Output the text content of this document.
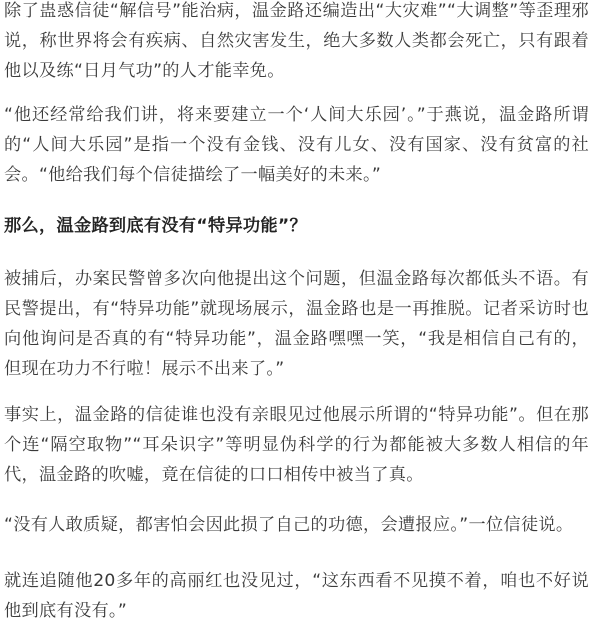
除了蛊惑信徒“解信号”能治病，温金路还编造出“大灾难”“大调整”等歪理邪说，称世界将会有疾病、自然灾害发生，绝大多数人类都会死亡，只有跟着他以及练“日月气功”的人才能幸免。

“他还经常给我们讲，将来要建立一个‘人间大乐园’。”于燕说，温金路所谓的“人间大乐园”是指一个没有金钱、没有儿女、没有国家、没有贫富的社会。“他给我们每个信徒描绘了一幅美好的未来。”

那么，温金路到底有没有“特异功能”？

被捕后，办案民警曾多次向他提出这个问题，但温金路每次都低头不语。有民警提出，有“特异功能”就现场展示，温金路也是一再推脱。记者采访时也向他询问是否真的有“特异功能”，温金路嘿嘿一笑，“我是相信自己有的，但现在功力不行啦！展示不出来了。”

事实上，温金路的信徒谁也没有亲眼见过他展示所谓的“特异功能”。但在那个连“隔空取物”“耳朵识字”等明显伪科学的行为都能被大多数人相信的年代，温金路的吹嘘，竟在信徒的口口相传中被当了真。

“没有人敢质疑，都害怕会因此损了自己的功德，会遭报应。”一位信徒说。

就连追随他20多年的高丽红也没见过，“这东西看不见摸不着，咱也不好说他到底有没有。”
